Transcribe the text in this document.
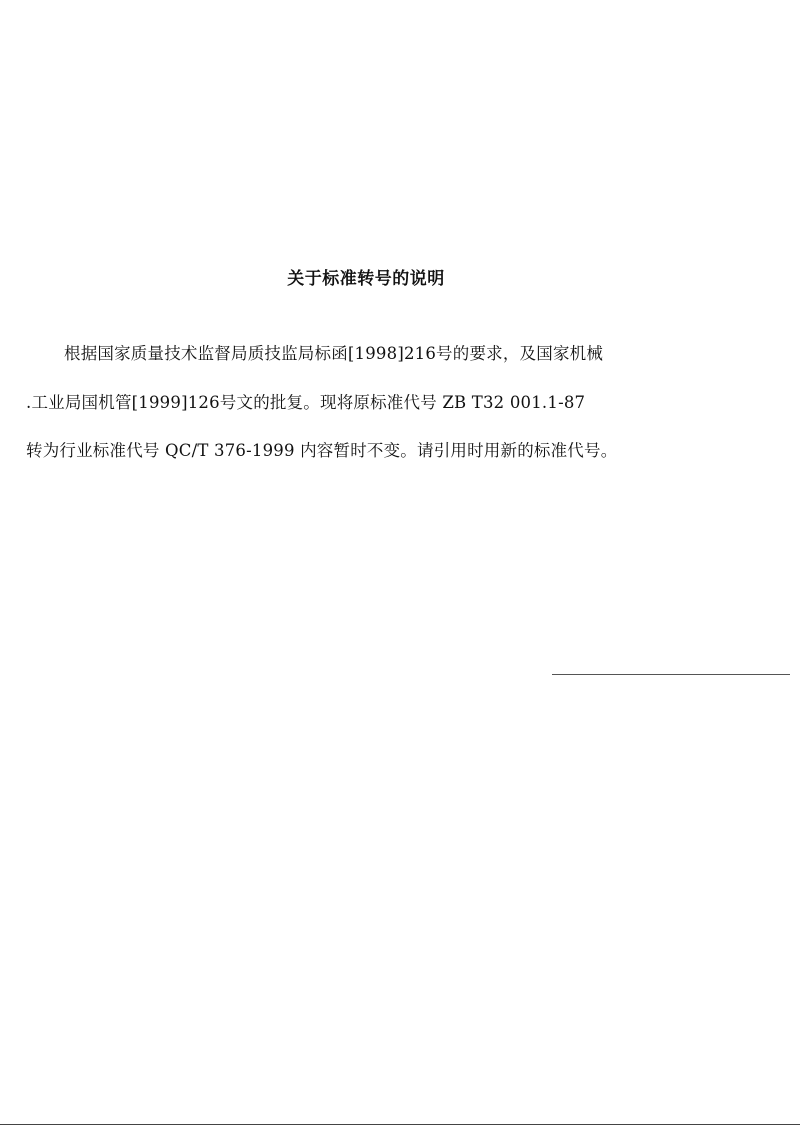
关于标准转号的说明
根据国家质量技术监督局质技监局标函[1998]216号的要求，及国家机械
.工业局国机管[1999]126号文的批复。现将原标准代号 ZB T32 001.1-87
转为行业标准代号 QC/T 376-1999 内容暂时不变。请引用时用新的标准代号。
